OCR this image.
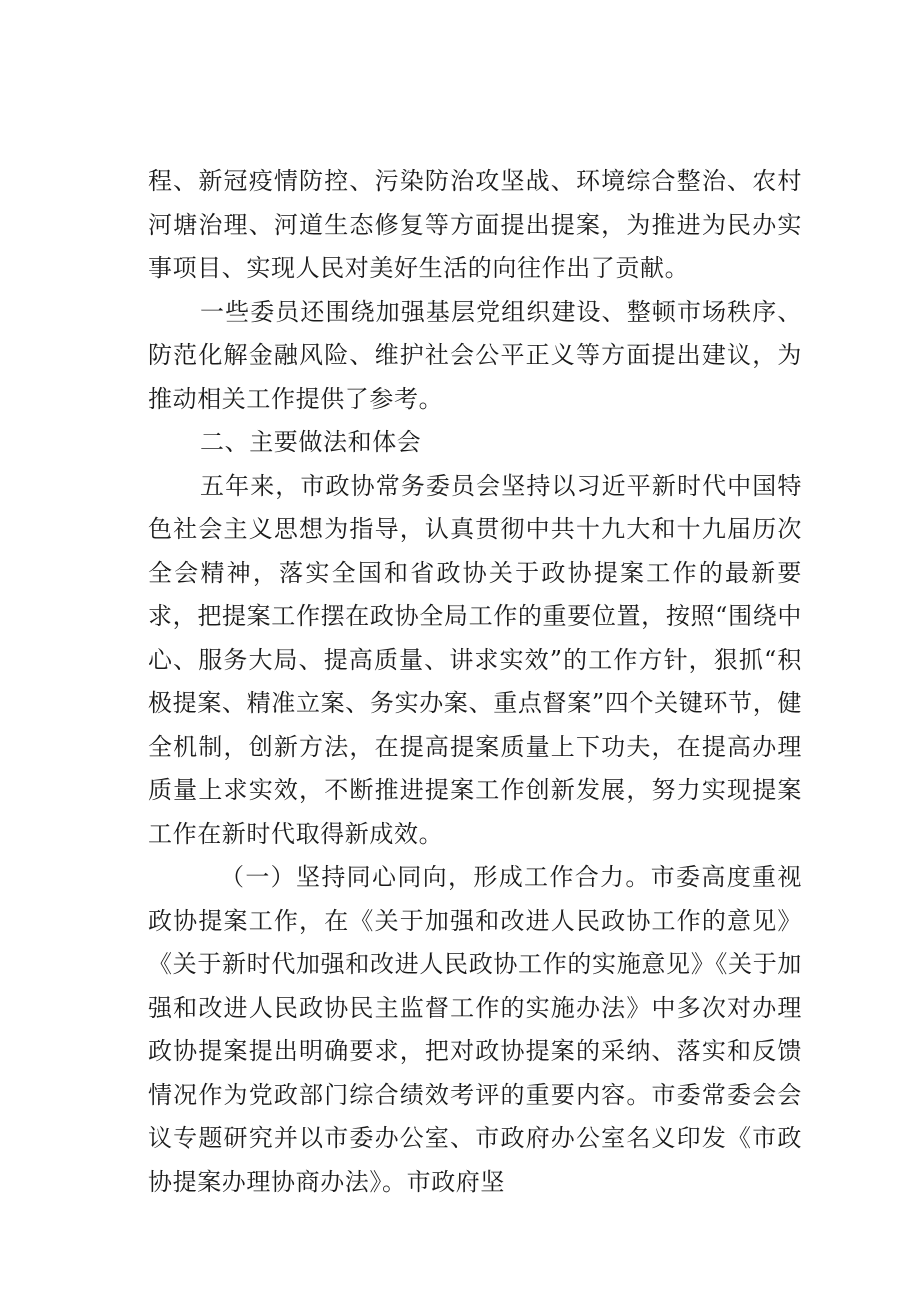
程、新冠疫情防控、污染防治攻坚战、环境综合整治、农村河塘治理、河道生态修复等方面提出提案，为推进为民办实事项目、实现人民对美好生活的向往作出了贡献。

一些委员还围绕加强基层党组织建设、整顿市场秩序、防范化解金融风险、维护社会公平正义等方面提出建议，为推动相关工作提供了参考。

二、主要做法和体会

五年来，市政协常务委员会坚持以习近平新时代中国特色社会主义思想为指导，认真贯彻中共十九大和十九届历次全会精神，落实全国和省政协关于政协提案工作的最新要求，把提案工作摆在政协全局工作的重要位置，按照“围绕中心、服务大局、提高质量、讲求实效”的工作方针，狠抓“积极提案、精准立案、务实办案、重点督案”四个关键环节，健全机制，创新方法，在提高提案质量上下功夫，在提高办理质量上求实效，不断推进提案工作创新发展，努力实现提案工作在新时代取得新成效。

（一）坚持同心同向，形成工作合力。市委高度重视政协提案工作，在《关于加强和改进人民政协工作的意见》《关于新时代加强和改进人民政协工作的实施意见》《关于加强和改进人民政协民主监督工作的实施办法》中多次对办理政协提案提出明确要求，把对政协提案的采纳、落实和反馈情况作为党政部门综合绩效考评的重要内容。市委常委会会议专题研究并以市委办公室、市政府办公室名义印发《市政协提案办理协商办法》。市政府坚
